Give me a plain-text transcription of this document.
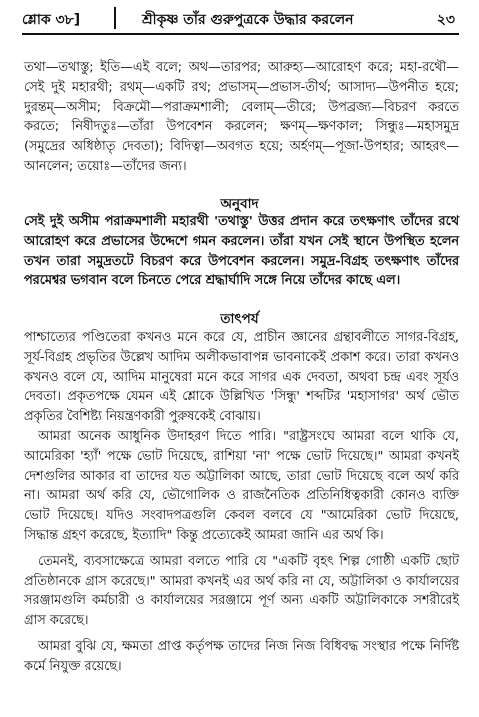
শ্লোক ৩৮]	শ্রীকৃষ্ণ তাঁর গুরুপুত্রকে উদ্ধার করলেন	২৩

তথা—তথাস্তু; ইতি—এই বলে; অথ—তারপর; আরুহ্য—আরোহণ করে; মহা-রথৌ—সেই দুই মহারথী; রথম্—একটি রথ; প্রভাসম্—প্রভাস-তীর্থ; আসাদ্য—উপনীত হয়ে; দুরন্তম্—অসীম; বিক্রমৌ—পরাক্রমশালী; বেলাম্—তীরে; উপব্রজ্য—বিচরণ করতে করতে; নিষীদতুঃ—তাঁরা উপবেশন করলেন; ক্ষণম্—ক্ষণকাল; সিন্ধুঃ—মহাসমুদ্র (সমুদ্রের অধিষ্ঠাতৃ দেবতা); বিদিত্বা—অবগত হয়ে; অর্হণম্—পূজা-উপহার; আহরৎ—আনলেন; তয়োঃ—তাঁদের জন্য।

অনুবাদ

সেই দুই অসীম পরাক্রমশালী মহারথী 'তথাস্তু' উত্তর প্রদান করে তৎক্ষণাৎ তাঁদের রথে আরোহণ করে প্রভাসের উদ্দেশে গমন করলেন। তাঁরা যখন সেই স্থানে উপস্থিত হলেন তখন তারা সমুদ্রতটে বিচরণ করে উপবেশন করলেন। সমুদ্র-বিগ্রহ তৎক্ষণাৎ তাঁদের পরমেশ্বর ভগবান বলে চিনতে পেরে শ্রদ্ধার্ঘাদি সঙ্গে নিয়ে তাঁদের কাছে এল।

তাৎপর্য

পাশ্চাত্যের পণ্ডিতেরা কখনও মনে করে যে, প্রাচীন জ্ঞানের গ্রন্থাবলীতে সাগর-বিগ্রহ, সূর্য-বিগ্রহ প্রভৃতির উল্লেখ আদিম অলীকভাবাপন্ন ভাবনাকেই প্রকাশ করে। তারা কখনও কখনও বলে যে, আদিম মানুষেরা মনে করে সাগর এক দেবতা, অথবা চন্দ্র এবং সূর্যও দেবতা। প্রকৃতপক্ষে যেমন এই শ্লোকে উল্লিখিত 'সিন্ধু' শব্দটির 'মহাসাগর' অর্থ ভৌত প্রকৃতির বৈশিষ্ট্য নিয়ন্ত্রণকারী পুরুষকেই বোঝায়।

আমরা অনেক আধুনিক উদাহরণ দিতে পারি। "রাষ্ট্রসংঘে আমরা বলে থাকি যে, আমেরিকা 'হ্যাঁ' পক্ষে ভোট দিয়েছে, রাশিয়া 'না' পক্ষে ভোট দিয়েছে।" আমরা কখনই দেশগুলির আকার বা তাদের যত অট্টালিকা আছে, তারা ভোট দিয়েছে বলে অর্থ করি না। আমরা অর্থ করি যে, ভৌগোলিক ও রাজনৈতিক প্রতিনিধিত্বকারী কোনও ব্যক্তি ভোট দিয়েছে। যদিও সংবাদপত্রগুলি কেবল বলবে যে "আমেরিকা ভোট দিয়েছে, সিদ্ধান্ত গ্রহণ করেছে, ইত্যাদি" কিন্তু প্রত্যেকেই আমরা জানি এর অর্থ কি।

তেমনই, ব্যবসাক্ষেত্রে আমরা বলতে পারি যে "একটি বৃহৎ শিল্প গোষ্ঠী একটি ছোট প্রতিষ্ঠানকে গ্রাস করেছে।" আমরা কখনই এর অর্থ করি না যে, অট্টালিকা ও কার্যালয়ের সরঞ্জামগুলি কর্মচারী ও কার্যালয়ের সরঞ্জামে পূর্ণ অন্য একটি অট্টালিকাকে সশরীরেই গ্রাস করেছে।

আমরা বুঝি যে, ক্ষমতা প্রাপ্ত কর্তৃপক্ষ তাদের নিজ নিজ বিধিবদ্ধ সংস্থার পক্ষে নির্দিষ্ট কর্মে নিযুক্ত রয়েছে।
